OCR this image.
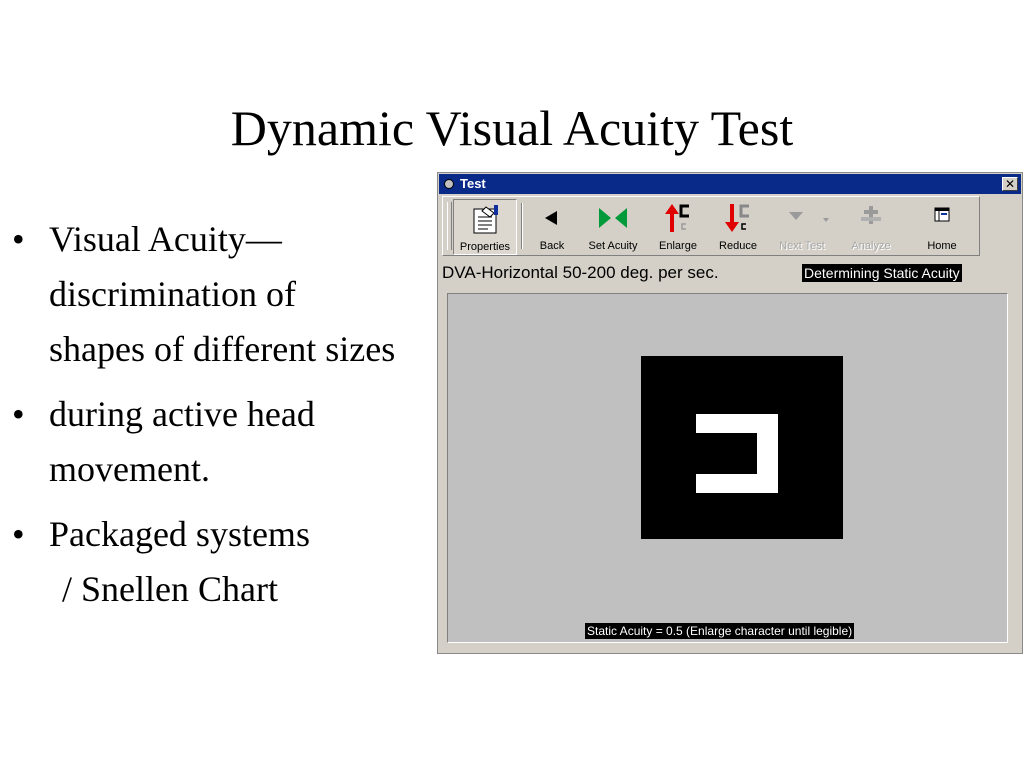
Dynamic Visual Acuity Test
• Visual Acuity—
discrimination of shapes of different sizes
• during active head
movement.
• Packaged systems
/ Snellen Chart
Test	✕
Properties	Back	Set Acuity	Enlarge	Reduce	Next Test	Analyze	Home
DVA-Horizontal 50-200 deg. per sec.	Determining Static Acuity
Static Acuity = 0.5 (Enlarge character until legible)
